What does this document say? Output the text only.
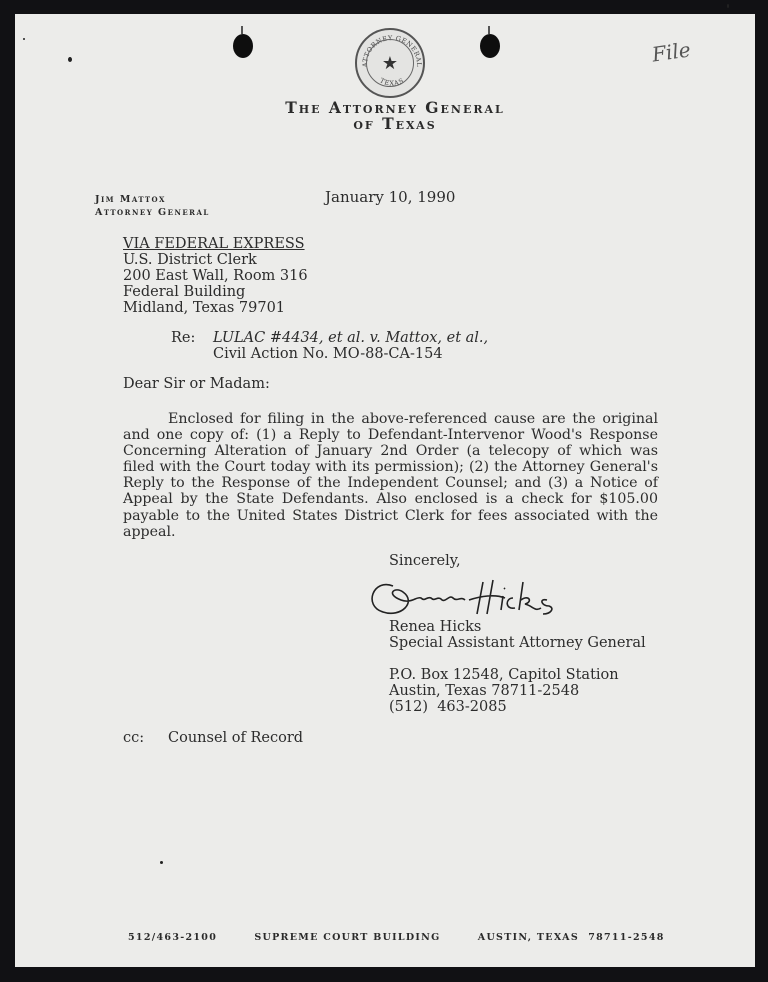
ATTORNEY GENERAL
TEXAS
★
The Attorney General
of Texas
File
Jim Mattox
Attorney General
January 10, 1990
VIA FEDERAL EXPRESS
U.S. District Clerk
200 East Wall, Room 316
Federal Building
Midland, Texas 79701
Re: LULAC #4434, et al. v. Mattox, et al.,
Civil Action No. MO-88-CA-154
Dear Sir or Madam:
Enclosed for filing in the above-referenced cause are the original and one copy of: (1) a Reply to Defendant-Intervenor Wood's Response Concerning Alteration of January 2nd Order (a telecopy of which was filed with the Court today with its permission); (2) the Attorney General's Reply to the Response of the Independent Counsel; and (3) a Notice of Appeal by the State Defendants. Also enclosed is a check for $105.00 payable to the United States District Clerk for fees associated with the appeal.
Sincerely,
Renea Hicks
Special Assistant Attorney General
P.O. Box 12548, Capitol Station
Austin, Texas 78711-2548
(512)  463-2085
cc: Counsel of Record
512/463-2100	SUPREME COURT BUILDING	AUSTIN, TEXAS  78711-2548
